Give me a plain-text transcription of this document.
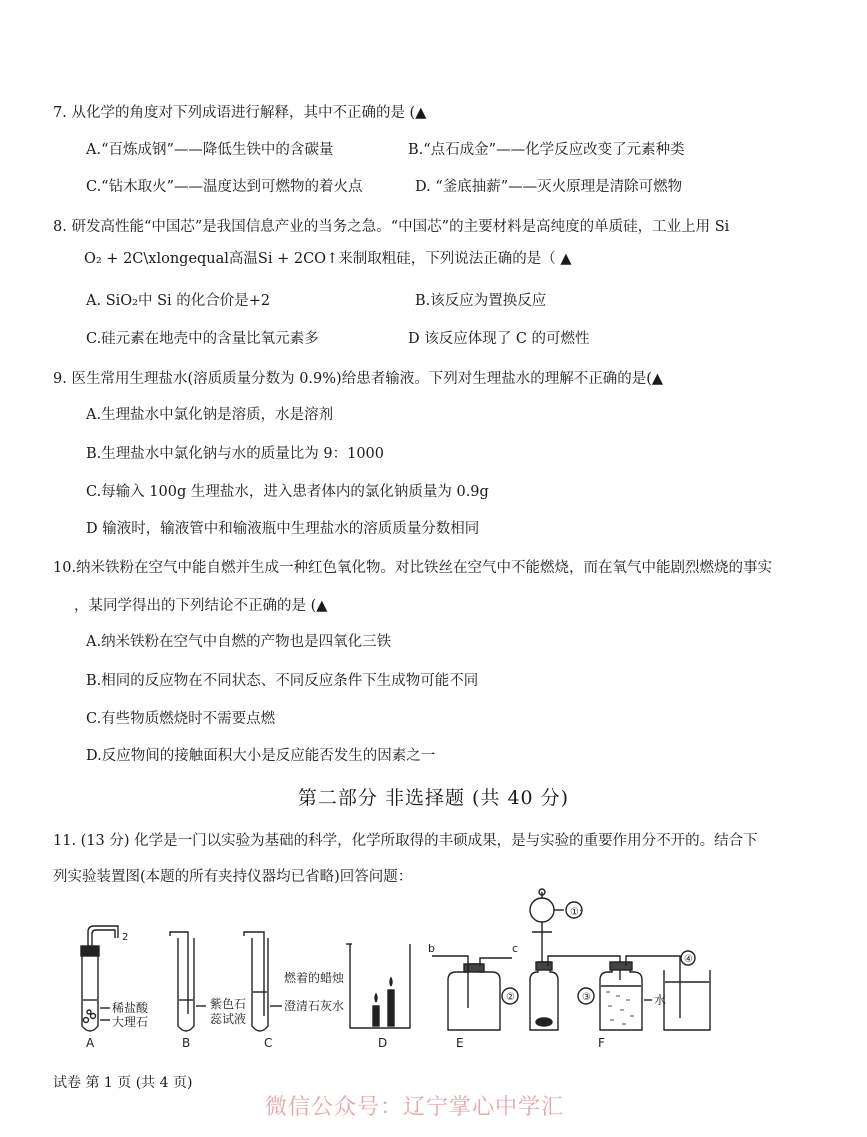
7. 从化学的角度对下列成语进行解释，其中不正确的是 (▲
A.“百炼成钢”——降低生铁中的含碳量	B.“点石成金”——化学反应改变了元素种类
C.“钻木取火”——温度达到可燃物的着火点	D. “釜底抽薪”——灭火原理是清除可燃物
8. 研发高性能“中国芯”是我国信息产业的当务之急。“中国芯”的主要材料是高纯度的单质硅，工业上用 Si
O₂ + 2C\xlongequal高温Si + 2CO↑来制取粗硅，下列说法正确的是（ ▲
A. SiO₂中 Si 的化合价是+2	B.该反应为置换反应
C.硅元素在地壳中的含量比氧元素多	D 该反应体现了 C 的可燃性
9. 医生常用生理盐水(溶质质量分数为 0.9%)给患者输液。下列对生理盐水的理解不正确的是(▲
A.生理盐水中氯化钠是溶质，水是溶剂
B.生理盐水中氯化钠与水的质量比为 9：1000
C.每输入 100g 生理盐水，进入患者体内的氯化钠质量为 0.9g
D 输液时，输液管中和输液瓶中生理盐水的溶质质量分数相同
10.纳米铁粉在空气中能自燃并生成一种红色氧化物。对比铁丝在空气中不能燃烧，而在氧气中能剧烈燃烧的事实
，某同学得出的下列结论不正确的是 (▲
A.纳米铁粉在空气中自燃的产物也是四氧化三铁
B.相同的反应物在不同状态、不同反应条件下生成物可能不同
C.有些物质燃烧时不需要点燃
D.反应物间的接触面积大小是反应能否发生的因素之一
第二部分 非选择题 (共 40 分)
11. (13 分) 化学是一门以实验为基础的科学，化学所取得的丰硕成果，是与实验的重要作用分不开的。结合下
列实验装置图(本题的所有夹持仪器均已省略)回答问题：
2
稀盐酸
大理石
A
紫色石
蕊试液
B	C
燃着的蜡烛
澄清石灰水
D
b	c
E
①;
②	水
③
④
F
试卷 第 1 页 (共 4 页)
微信公众号：辽宁掌心中学汇
